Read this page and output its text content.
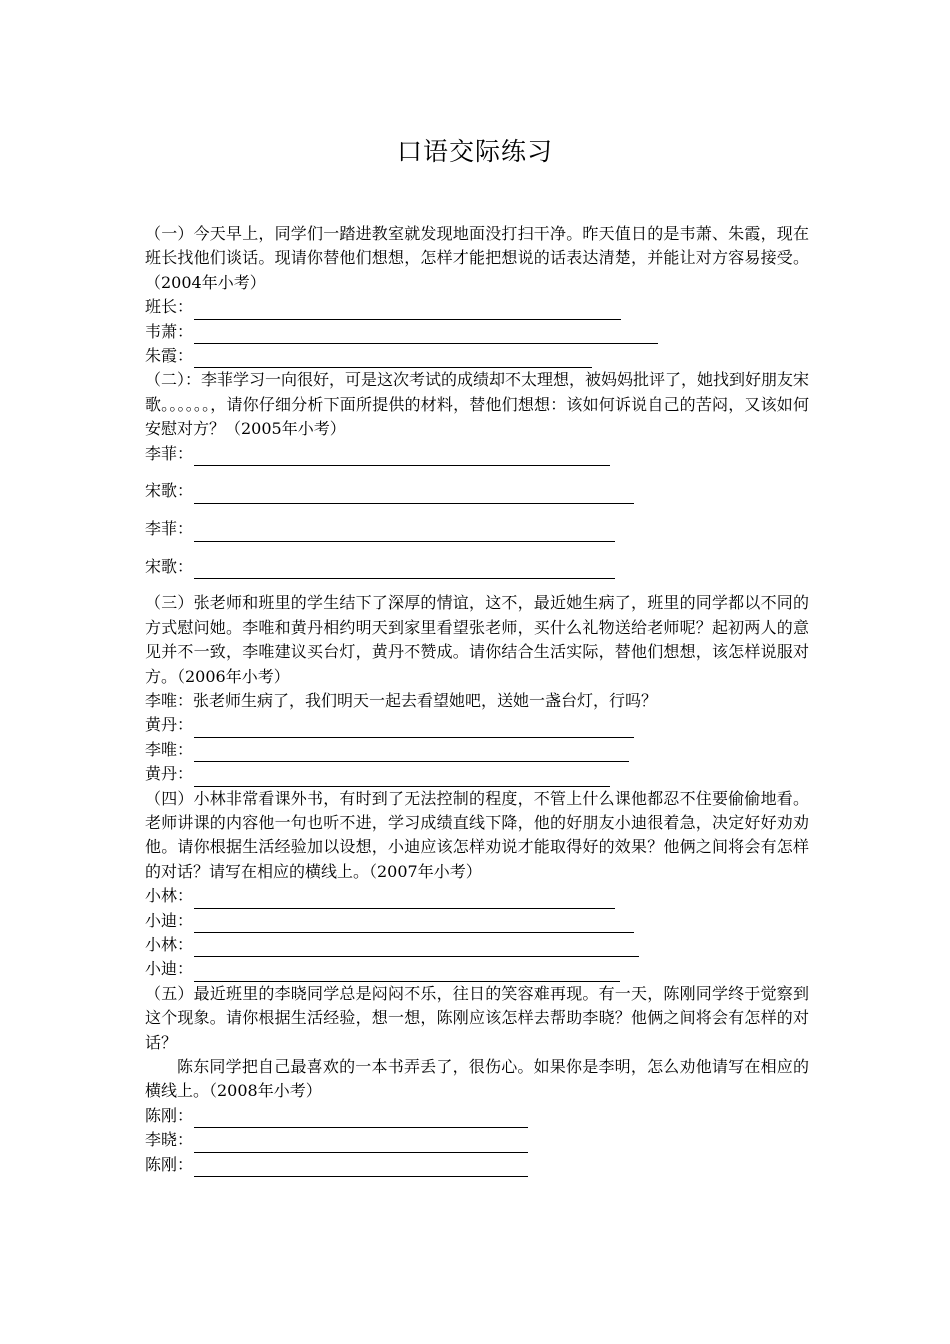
口语交际练习

（一）今天早上，同学们一踏进教室就发现地面没打扫干净。昨天值日的是韦萧、朱霞，现在班长找他们谈话。现请你替他们想想，怎样才能把想说的话表达清楚，并能让对方容易接受。（2004年小考）

班长：
韦萧：
朱霞：

（二）：李菲学习一向很好，可是这次考试的成绩却不太理想，被妈妈批评了，她找到好朋友宋歌。。。。。。，请你仔细分析下面所提供的材料，替他们想想：该如何诉说自己的苦闷，又该如何安慰对方？（2005年小考）

李菲：
宋歌：
李菲：
宋歌：

（三）张老师和班里的学生结下了深厚的情谊，这不，最近她生病了，班里的同学都以不同的方式慰问她。李唯和黄丹相约明天到家里看望张老师，买什么礼物送给老师呢？起初两人的意见并不一致，李唯建议买台灯，黄丹不赞成。请你结合生活实际，替他们想想，该怎样说服对方。（2006年小考）

李唯：张老师生病了，我们明天一起去看望她吧，送她一盏台灯，行吗？

黄丹：
李唯：
黄丹：

（四）小林非常看课外书，有时到了无法控制的程度，不管上什么课他都忍不住要偷偷地看。老师讲课的内容他一句也听不进，学习成绩直线下降，他的好朋友小迪很着急，决定好好劝劝他。请你根据生活经验加以设想，小迪应该怎样劝说才能取得好的效果？他俩之间将会有怎样的对话？请写在相应的横线上。（2007年小考）

小林：
小迪：
小林：
小迪：

（五）最近班里的李晓同学总是闷闷不乐，往日的笑容难再现。有一天，陈刚同学终于觉察到这个现象。请你根据生活经验，想一想，陈刚应该怎样去帮助李晓？他俩之间将会有怎样的对话？

陈东同学把自己最喜欢的一本书弄丢了，很伤心。如果你是李明，怎么劝他请写在相应的横线上。（2008年小考）

陈刚：
李晓：
陈刚：
